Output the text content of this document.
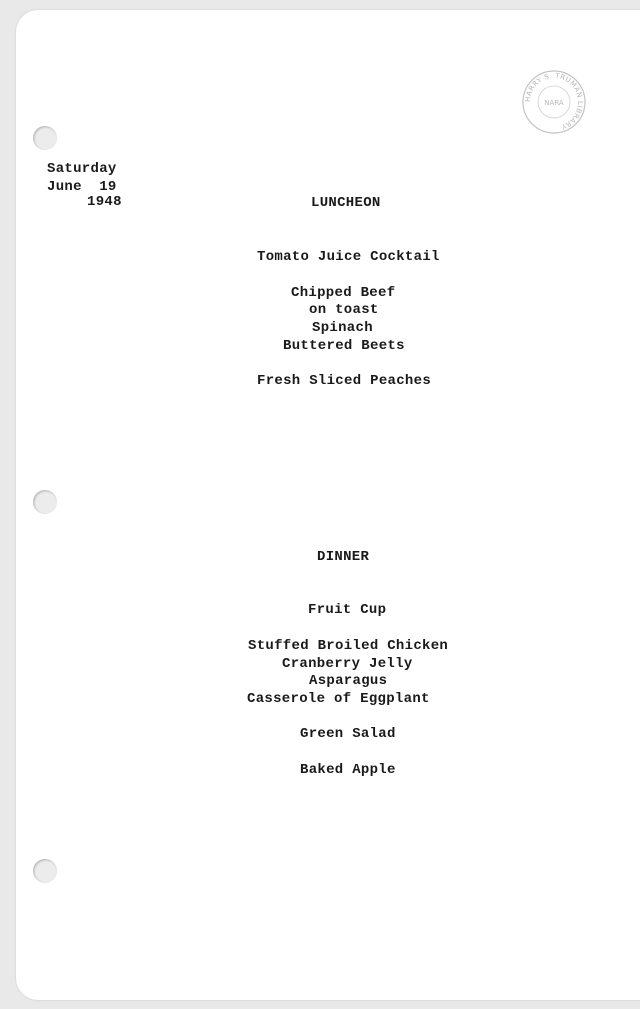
HARRY S. TRUMAN LIBRARY
NARA
Saturday
June  19
1948	LUNCHEON
Tomato Juice Cocktail
Chipped Beef
on toast
Spinach
Buttered Beets
Fresh Sliced Peaches
DINNER
Fruit Cup
Stuffed Broiled Chicken
Cranberry Jelly
Asparagus
Casserole of Eggplant
Green Salad
Baked Apple
